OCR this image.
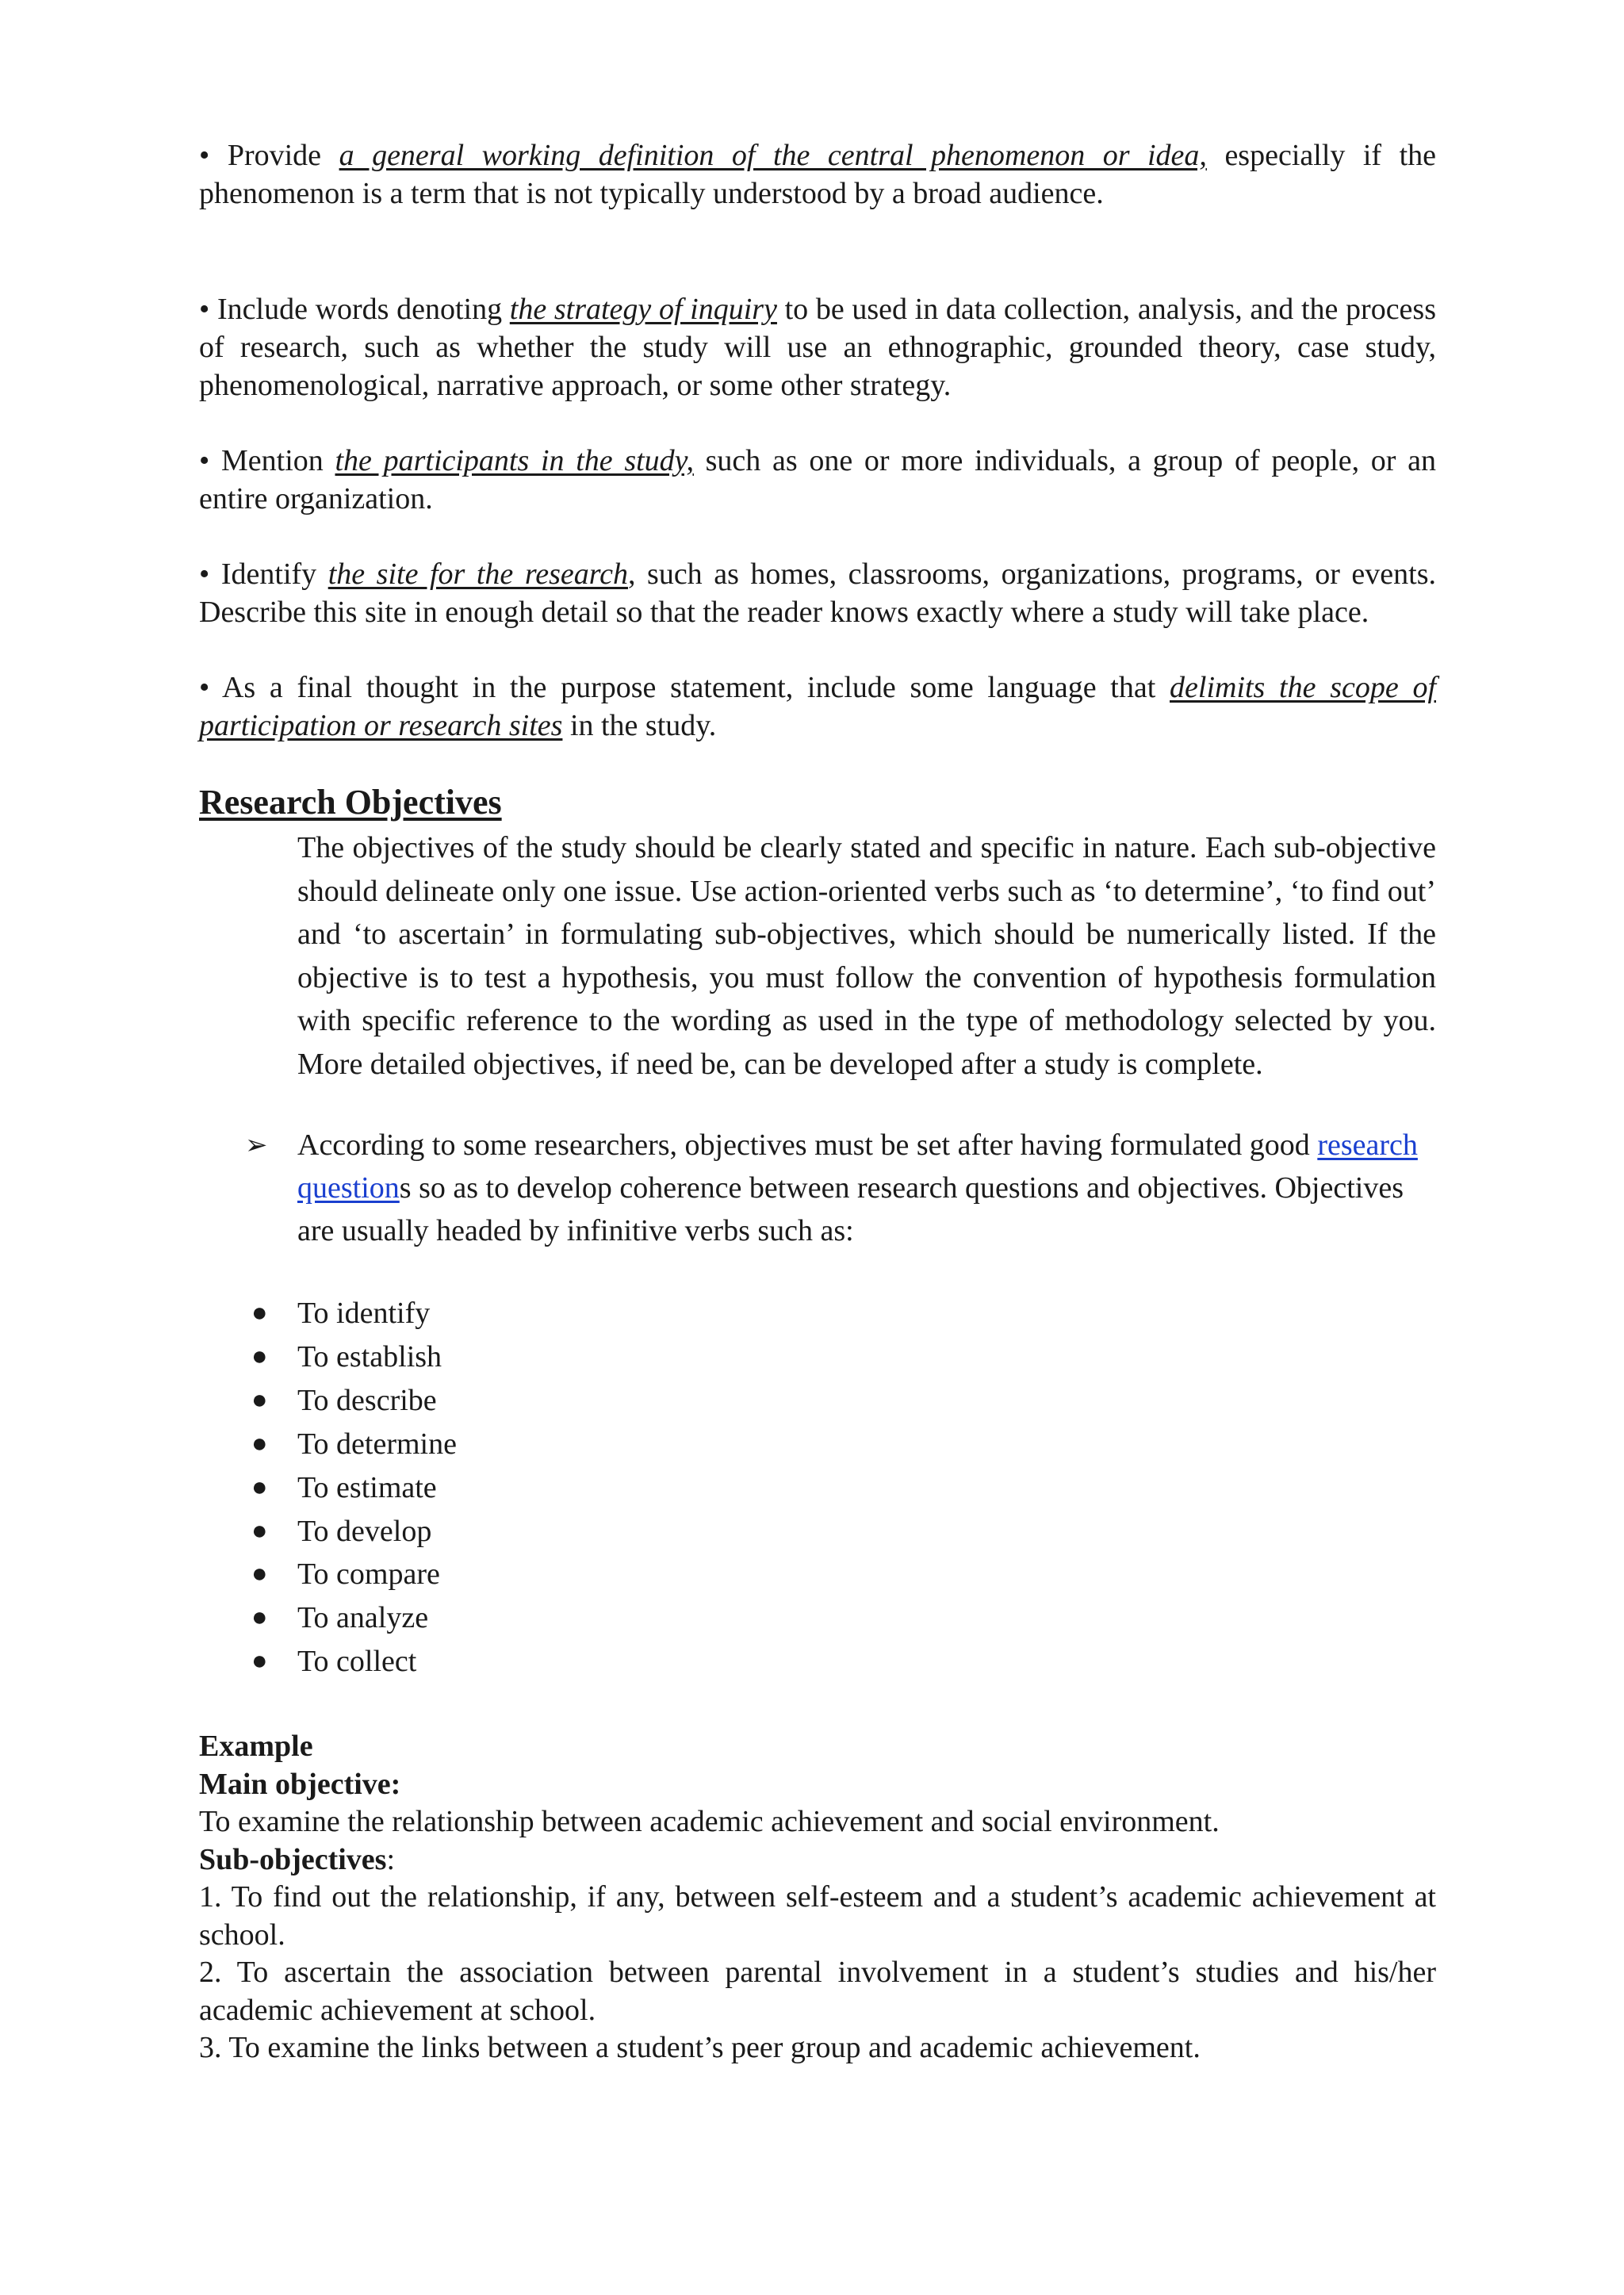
• Provide a general working definition of the central phenomenon or idea, especially if the phenomenon is a term that is not typically understood by a broad audience.

• Include words denoting the strategy of inquiry to be used in data collection, analysis, and the process of research, such as whether the study will use an ethnographic, grounded theory, case study, phenomenological, narrative approach, or some other strategy.

• Mention the participants in the study, such as one or more individuals, a group of people, or an entire organization.

• Identify the site for the research, such as homes, classrooms, organizations, programs, or events. Describe this site in enough detail so that the reader knows exactly where a study will take place.

• As a final thought in the purpose statement, include some language that delimits the scope of participation or research sites in the study.

Research Objectives
The objectives of the study should be clearly stated and specific in nature. Each sub-objective should delineate only one issue. Use action-oriented verbs such as ‘to determine’, ‘to find out’ and ‘to ascertain’ in formulating sub-objectives, which should be numerically listed. If the objective is to test a hypothesis, you must follow the convention of hypothesis formulation with specific reference to the wording as used in the type of methodology selected by you. More detailed objectives, if need be, can be developed after a study is complete.
➢ According to some researchers, objectives must be set after having formulated good research questions so as to develop coherence between research questions and objectives. Objectives are usually headed by infinitive verbs such as:
● To identify
● To establish
● To describe
● To determine
● To estimate
● To develop
● To compare
● To analyze
● To collect

Example

Main objective:

To examine the relationship between academic achievement and social environment.

Sub-objectives:

1. To find out the relationship, if any, between self-esteem and a student’s academic achievement at school.

2. To ascertain the association between parental involvement in a student’s studies and his/her academic achievement at school.

3. To examine the links between a student’s peer group and academic achievement.
